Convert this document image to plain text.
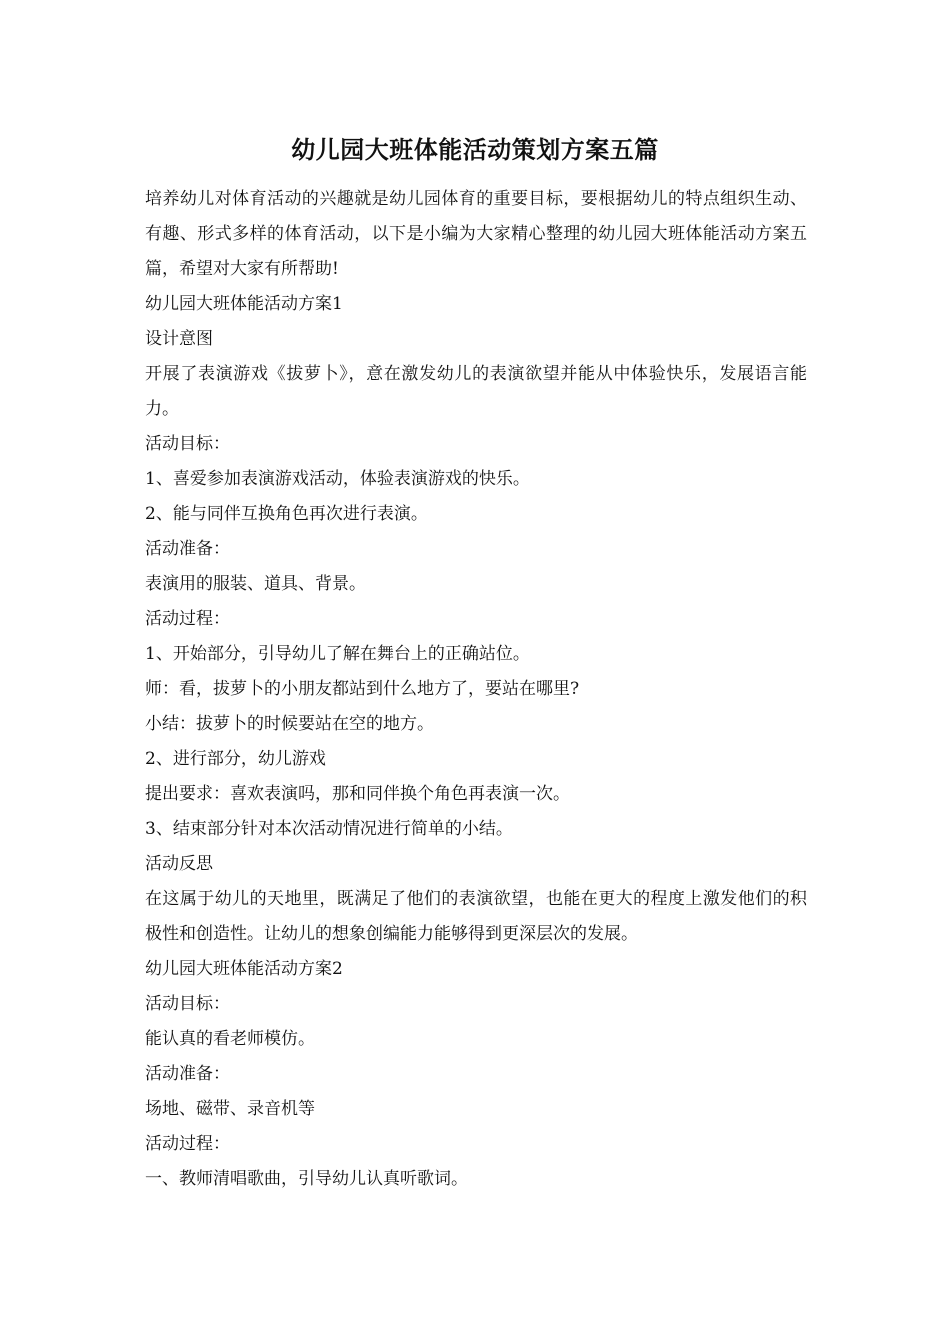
幼儿园大班体能活动策划方案五篇

培养幼儿对体育活动的兴趣就是幼儿园体育的重要目标，要根据幼儿的特点组织生动、有趣、形式多样的体育活动，以下是小编为大家精心整理的幼儿园大班体能活动方案五篇，希望对大家有所帮助!

幼儿园大班体能活动方案1

设计意图

开展了表演游戏《拔萝卜》，意在激发幼儿的表演欲望并能从中体验快乐，发展语言能力。

活动目标：

1、喜爱参加表演游戏活动，体验表演游戏的快乐。

2、能与同伴互换角色再次进行表演。

活动准备：

表演用的服装、道具、背景。

活动过程：

1、开始部分，引导幼儿了解在舞台上的正确站位。

师：看，拔萝卜的小朋友都站到什么地方了，要站在哪里?

小结：拔萝卜的时候要站在空的地方。

2、进行部分，幼儿游戏

提出要求：喜欢表演吗，那和同伴换个角色再表演一次。

3、结束部分针对本次活动情况进行简单的小结。

活动反思

在这属于幼儿的天地里，既满足了他们的表演欲望，也能在更大的程度上激发他们的积极性和创造性。让幼儿的想象创编能力能够得到更深层次的发展。

幼儿园大班体能活动方案2

活动目标：

能认真的看老师模仿。

活动准备：

场地、磁带、录音机等

活动过程：

一、教师清唱歌曲，引导幼儿认真听歌词。
